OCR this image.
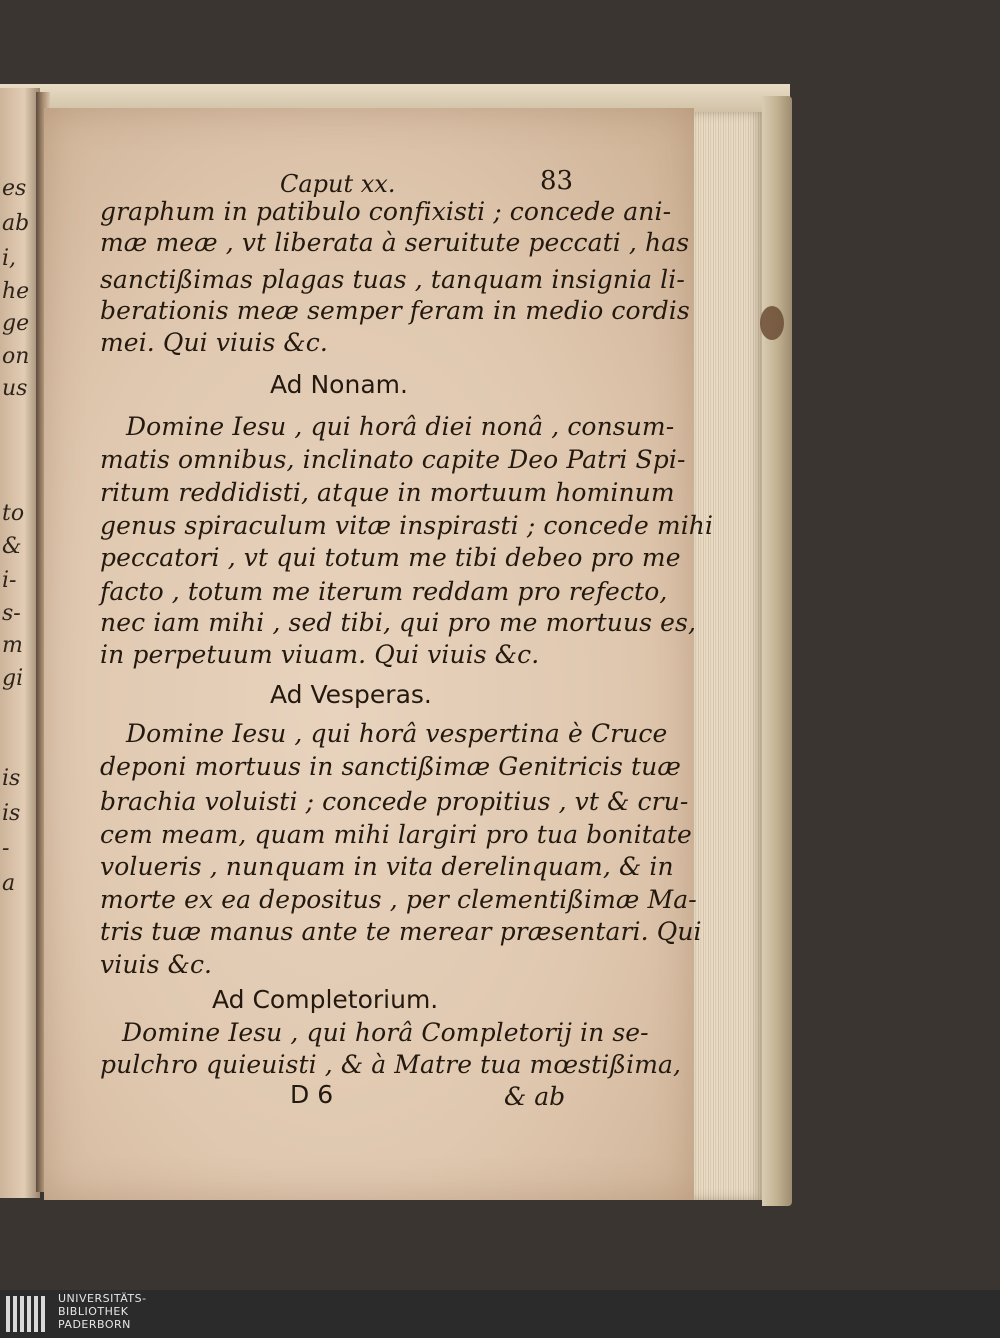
es
ab
i,
he
ge
on
us
to
&
i-
s-
m
gi
is
is
-
a
Caput xx.	83
graphum in patibulo confixisti ; concede ani-
mæ meæ , vt liberata à seruitute peccati , has
sanctißimas plagas tuas , tanquam insignia li-
berationis meæ semper feram in medio cordis
mei. Qui viuis &c.
Ad Nonam.
Domine Iesu , qui horâ diei nonâ , consum-
matis omnibus, inclinato capite Deo Patri Spi-
ritum reddidisti, atque in mortuum hominum
genus spiraculum vitæ inspirasti ; concede mihi
peccatori , vt qui totum me tibi debeo pro me
facto , totum me iterum reddam pro refecto,
nec iam mihi , sed tibi, qui pro me mortuus es,
in perpetuum viuam. Qui viuis &c.
Ad Vesperas.
Domine Iesu , qui horâ vespertina è Cruce
deponi mortuus in sanctißimæ Genitricis tuæ
brachia voluisti ; concede propitius , vt & cru-
cem meam, quam mihi largiri pro tua bonitate
volueris , nunquam in vita derelinquam, & in
morte ex ea depositus , per clementißimæ Ma-
tris tuæ manus ante te merear præsentari. Qui
viuis &c.
Ad Completorium.
Domine Iesu , qui horâ Completorij in se-
pulchro quieuisti , & à Matre tua mœstißima,
D 6	& ab
UNIVERSITÄTS-
BIBLIOTHEK
PADERBORN
